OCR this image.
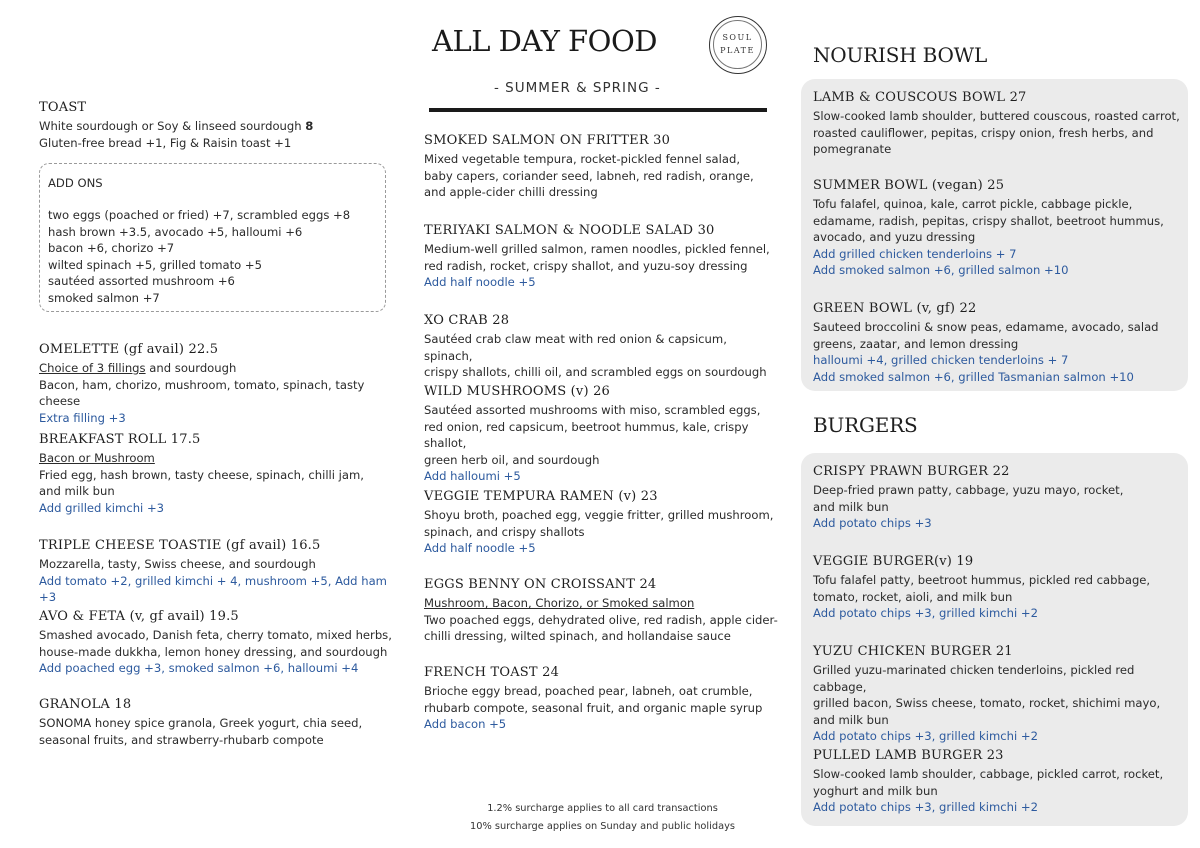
ALL DAY FOOD	SOUL
PLATE
- SUMMER & SPRING -
TOAST
White sourdough or Soy & linseed sourdough 8
Gluten-free bread +1, Fig & Raisin toast +1
ADD ONS
two eggs (poached or fried) +7, scrambled eggs +8
hash brown +3.5, avocado +5, halloumi +6
bacon +6, chorizo +7
wilted spinach +5, grilled tomato +5
sautéed assorted mushroom +6
smoked salmon +7
OMELETTE (gf avail) 22.5
Choice of 3 fillings and sourdough
Bacon, ham, chorizo, mushroom, tomato, spinach, tasty cheese
Extra filling +3
BREAKFAST ROLL 17.5
Bacon or Mushroom
Fried egg, hash brown, tasty cheese, spinach, chilli jam,
and milk bun
Add grilled kimchi +3
TRIPLE CHEESE TOASTIE (gf avail) 16.5
Mozzarella, tasty, Swiss cheese, and sourdough
Add tomato +2, grilled kimchi + 4, mushroom +5, Add ham +3
AVO & FETA (v, gf avail) 19.5
Smashed avocado, Danish feta, cherry tomato, mixed herbs,
house-made dukkha, lemon honey dressing, and sourdough
Add poached egg +3, smoked salmon +6, halloumi +4
GRANOLA 18
SONOMA honey spice granola, Greek yogurt, chia seed,
seasonal fruits, and strawberry-rhubarb compote
SMOKED SALMON ON FRITTER 30
Mixed vegetable tempura, rocket-pickled fennel salad,
baby capers, coriander seed, labneh, red radish, orange,
and apple-cider chilli dressing
TERIYAKI SALMON & NOODLE SALAD 30
Medium-well grilled salmon, ramen noodles, pickled fennel,
red radish, rocket, crispy shallot, and yuzu-soy dressing
Add half noodle +5
XO CRAB 28
Sautéed crab claw meat with red onion & capsicum, spinach,
crispy shallots, chilli oil, and scrambled eggs on sourdough
WILD MUSHROOMS (v) 26
Sautéed assorted mushrooms with miso, scrambled eggs,
red onion, red capsicum, beetroot hummus, kale, crispy shallot,
green herb oil, and sourdough
Add halloumi +5
VEGGIE TEMPURA RAMEN (v) 23
Shoyu broth, poached egg, veggie fritter, grilled mushroom,
spinach, and crispy shallots
Add half noodle +5
EGGS BENNY ON CROISSANT 24
Mushroom, Bacon, Chorizo, or Smoked salmon
Two poached eggs, dehydrated olive, red radish, apple cider-
chilli dressing, wilted spinach, and hollandaise sauce
FRENCH TOAST 24
Brioche eggy bread, poached pear, labneh, oat crumble,
rhubarb compote, seasonal fruit, and organic maple syrup
Add bacon +5
1.2% surcharge applies to all card transactions
10% surcharge applies on Sunday and public holidays
NOURISH BOWL
LAMB & COUSCOUS BOWL 27
Slow-cooked lamb shoulder, buttered couscous, roasted carrot,
roasted cauliflower, pepitas, crispy onion, fresh herbs, and
pomegranate
SUMMER BOWL (vegan) 25
Tofu falafel, quinoa, kale, carrot pickle, cabbage pickle,
edamame, radish, pepitas, crispy shallot, beetroot hummus,
avocado, and yuzu dressing
Add grilled chicken tenderloins + 7
Add smoked salmon +6, grilled salmon +10
GREEN BOWL (v, gf) 22
Sauteed broccolini & snow peas, edamame, avocado, salad
greens, zaatar, and lemon dressing
halloumi +4, grilled chicken tenderloins + 7
Add smoked salmon +6, grilled Tasmanian salmon +10
BURGERS
CRISPY PRAWN BURGER 22
Deep-fried prawn patty, cabbage, yuzu mayo, rocket,
and milk bun
Add potato chips +3
VEGGIE BURGER(v) 19
Tofu falafel patty, beetroot hummus, pickled red cabbage,
tomato, rocket, aioli, and milk bun
Add potato chips +3, grilled kimchi +2
YUZU CHICKEN BURGER 21
Grilled yuzu-marinated chicken tenderloins, pickled red cabbage,
grilled bacon, Swiss cheese, tomato, rocket, shichimi mayo,
and milk bun
Add potato chips +3, grilled kimchi +2
PULLED LAMB BURGER 23
Slow-cooked lamb shoulder, cabbage, pickled carrot, rocket,
yoghurt and milk bun
Add potato chips +3, grilled kimchi +2
